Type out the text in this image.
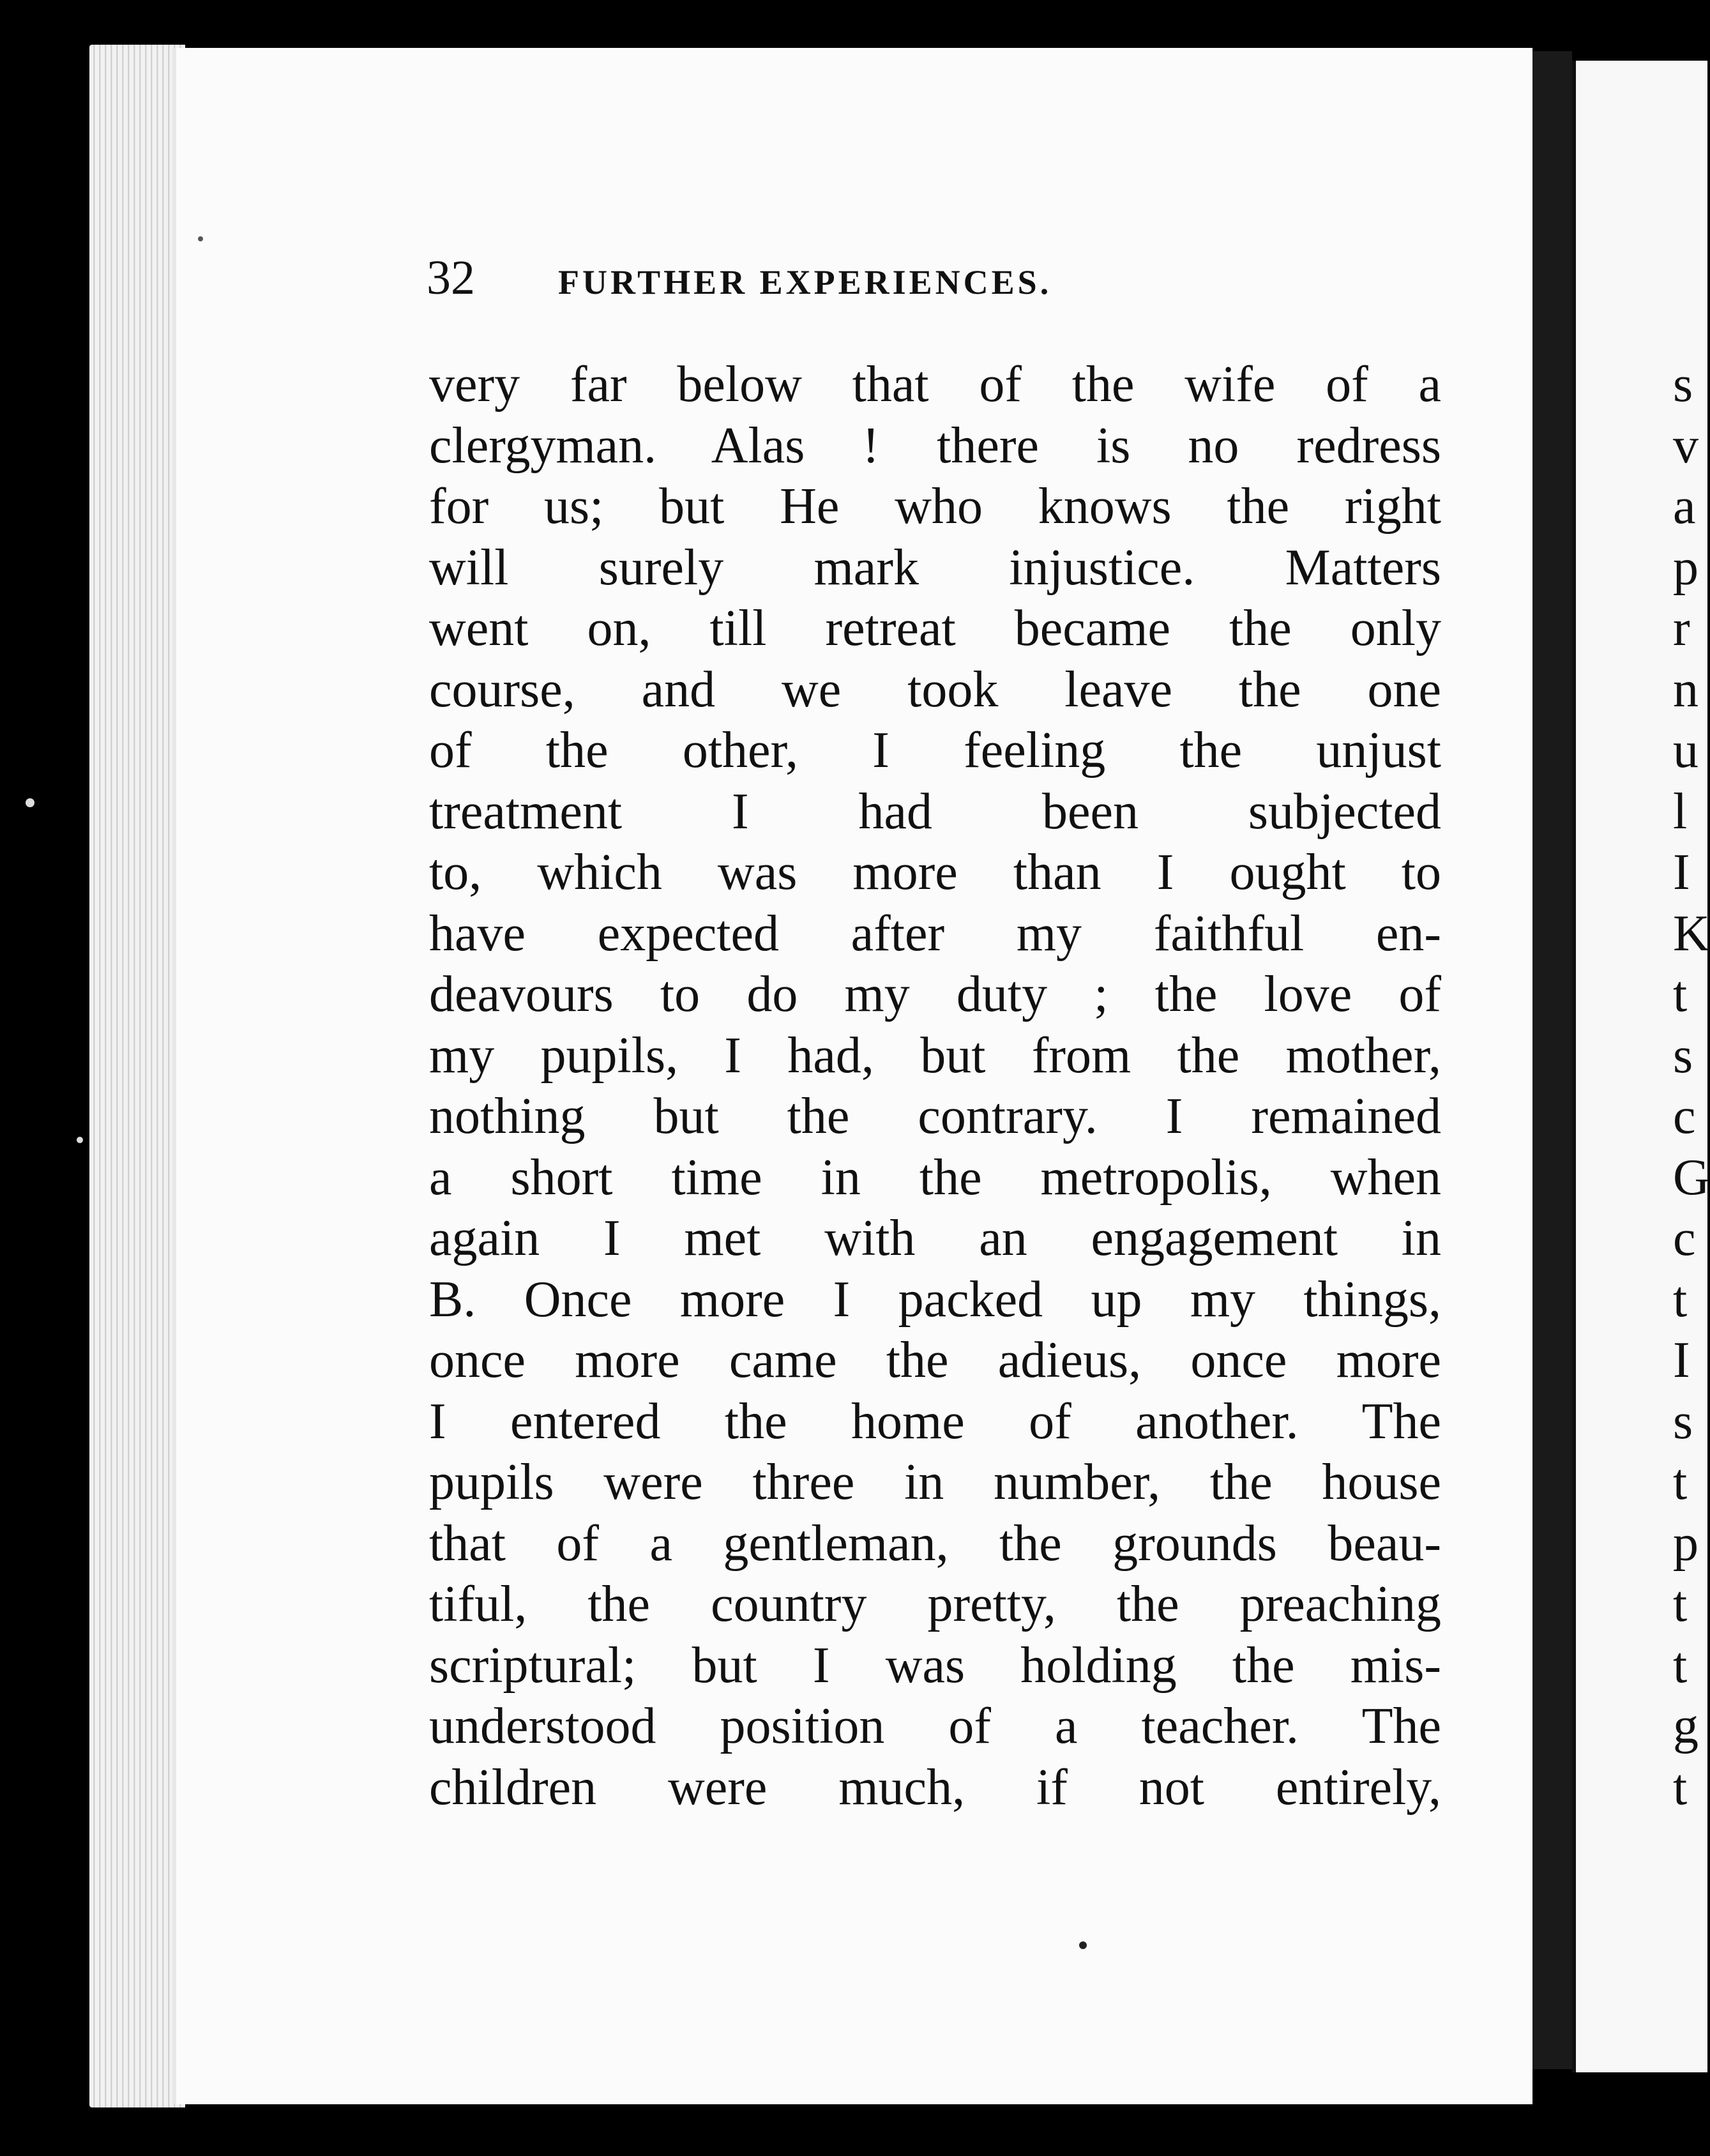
32 FURTHER EXPERIENCES.
very far below that of the wife of a
clergyman. Alas ! there is no redress
for us; but He who knows the right
will surely mark injustice. Matters
went on, till retreat became the only
course, and we took leave the one
of the other, I feeling the unjust
treatment I had been subjected
to, which was more than I ought to
have expected after my faithful en-
deavours to do my duty ; the love of
my pupils, I had, but from the mother,
nothing but the contrary. I remained
a short time in the metropolis, when
again I met with an engagement in
B. Once more I packed up my things,
once more came the adieus, once more
I entered the home of another. The
pupils were three in number, the house
that of a gentleman, the grounds beau-
tiful, the country pretty, the preaching
scriptural; but I was holding the mis-
understood position of a teacher. The
children were much, if not entirely,
s
v
a
p
r
n
u
l
I
K
t
s
c
G
c
t
I
s
t
p
t
t
g
t
